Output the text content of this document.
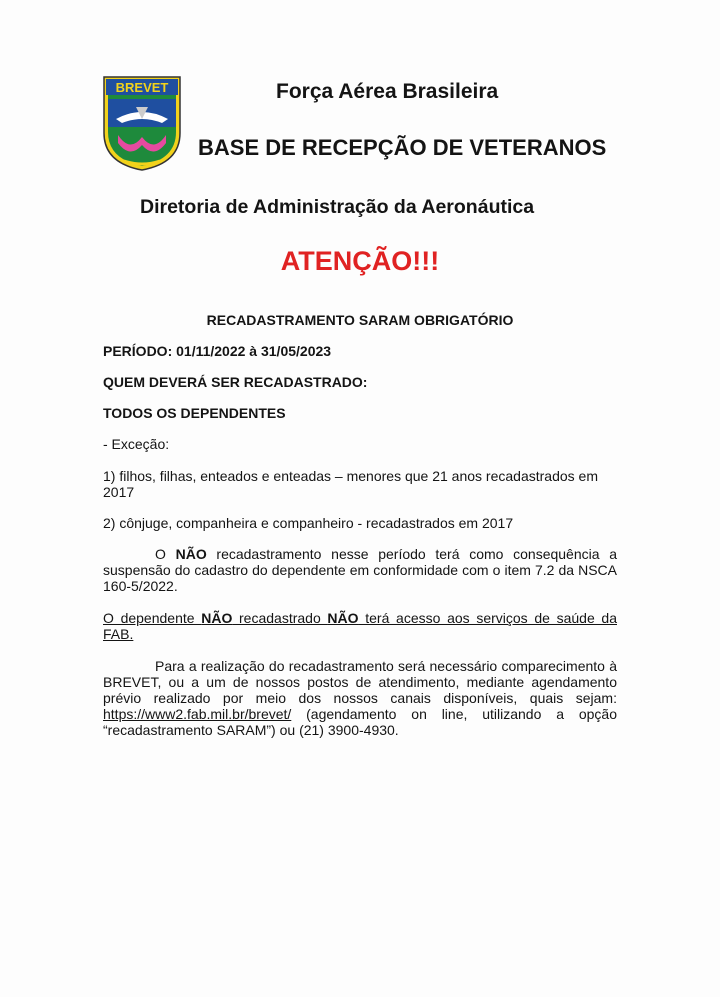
BREVET	Força Aérea Brasileira
BASE DE RECEPÇÃO DE VETERANOS
Diretoria de Administração da Aeronáutica
ATENÇÃO!!!
RECADASTRAMENTO SARAM OBRIGATÓRIO
PERÍODO: 01/11/2022 à 31/05/2023
QUEM DEVERÁ SER RECADASTRADO:
TODOS OS DEPENDENTES
- Exceção:
1) filhos, filhas, enteados e enteadas – menores que 21 anos recadastrados em 2017
2) cônjuge, companheira e companheiro - recadastrados em 2017
O NÃO recadastramento nesse período terá como consequência a suspensão do cadastro do dependente em conformidade com o item 7.2 da NSCA 160-5/2022.
O dependente NÃO recadastrado NÃO terá acesso aos serviços de saúde da FAB.
Para a realização do recadastramento será necessário comparecimento à BREVET, ou a um de nossos postos de atendimento, mediante agendamento prévio realizado por meio dos nossos canais disponíveis, quais sejam: https://www2.fab.mil.br/brevet/ (agendamento on line, utilizando a opção “recadastramento SARAM”) ou (21) 3900-4930.
